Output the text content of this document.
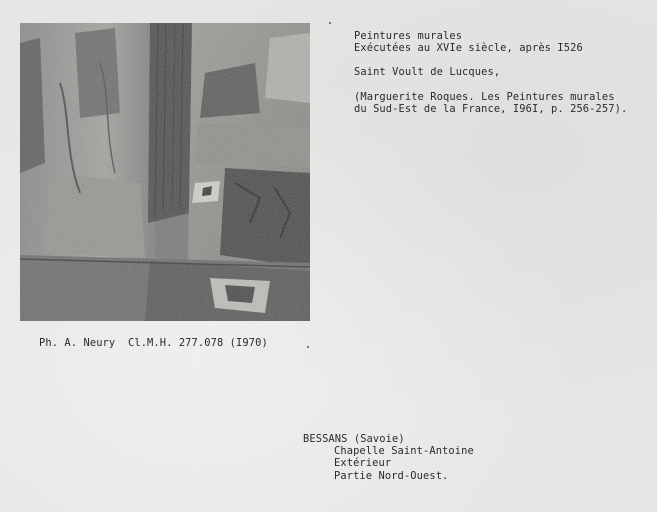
Peintures murales
Exécutées au XVIe siècle, après I526
Saint Voult de Lucques,
(Marguerite Roques. Les Peintures murales
du Sud-Est de la France, I96I, p. 256-257).
Ph. A. Neury  Cl.M.H. 277.078 (I970)
BESSANS (Savoie)
Chapelle Saint-Antoine
Extérieur
Partie Nord-Ouest.
